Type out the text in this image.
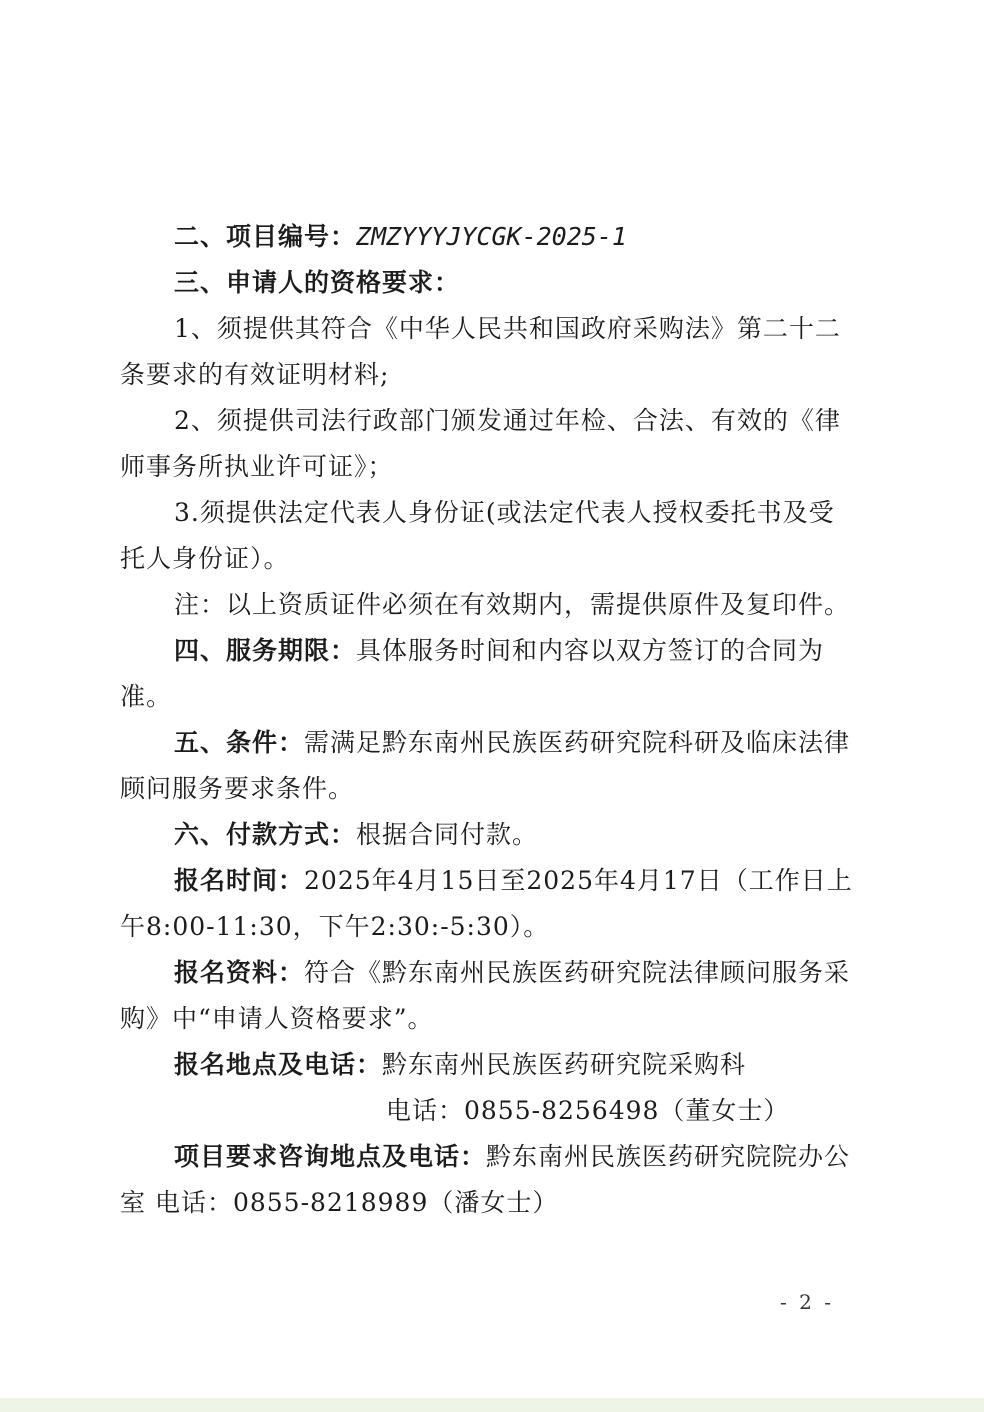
二、项目编号：ZMZYYYJYCGK-2025-1

三、申请人的资格要求：

1、须提供其符合《中华人民共和国政府采购法》第二十二条要求的有效证明材料;

2、须提供司法行政部门颁发通过年检、合法、有效的《律师事务所执业许可证》；

3.须提供法定代表人身份证(或法定代表人授权委托书及受托人身份证）。

注：以上资质证件必须在有效期内，需提供原件及复印件。

四、服务期限：具体服务时间和内容以双方签订的合同为准。

五、条件：需满足黔东南州民族医药研究院科研及临床法律顾问服务要求条件。

六、付款方式：根据合同付款。

报名时间：2025年4月15日至2025年4月17日（工作日上午8:00-11:30，下午2:30:-5:30）。

报名资料：符合《黔东南州民族医药研究院法律顾问服务采购》中“申请人资格要求”。

报名地点及电话：黔东南州民族医药研究院采购科

电话：0855-8256498（董女士）

项目要求咨询地点及电话：黔东南州民族医药研究院院办公室 电话：0855-8218989（潘女士）

- 2 -
